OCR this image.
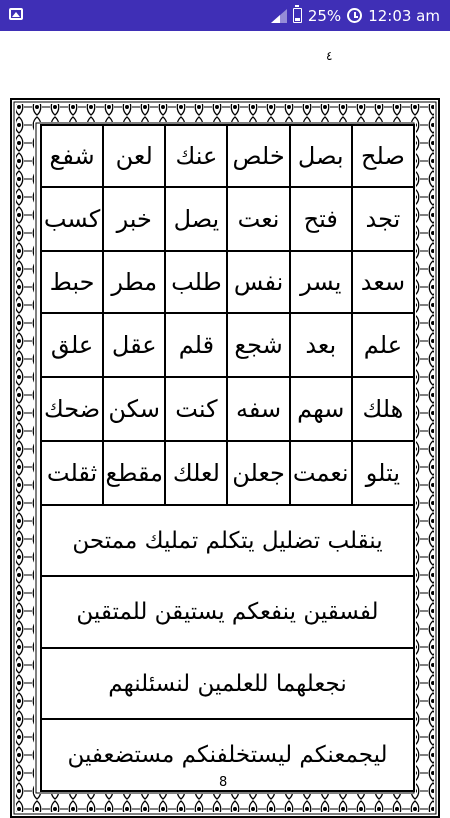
25% 12:03 am
٤
صلح
بصل
خلص
عنك
لعن
شفع
تجد
فتح
نعت
يصل
خبر
كسب
سعد
يسر
نفس
طلب
مطر
حبط
علم
بعد
شجع
قلم
عقل
علق
هلك
سهم
سفه
كنت
سكن
ضحك
يتلو
نعمت
جعلن
لعلك
مقطع
ثقلت
ينقلب تضليل يتكلم تمليك ممتحن
لفسقين ينفعكم يستيقن للمتقين
نجعلهما للعلمين لنسئلنهم
ليجمعنكم ليستخلفنكم مستضعفين
8
